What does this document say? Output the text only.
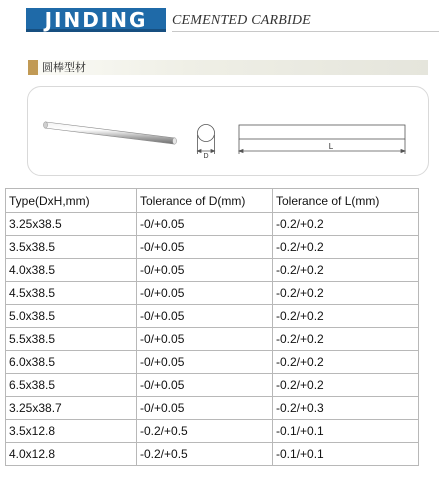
JINDING	CEMENTED CARBIDE
圆棒型材
D
L
Type(DxH,mm)	Tolerance of D(mm)	Tolerance of L(mm)
3.25x38.5	-0/+0.05	-0.2/+0.2
3.5x38.5	-0/+0.05	-0.2/+0.2
4.0x38.5	-0/+0.05	-0.2/+0.2
4.5x38.5	-0/+0.05	-0.2/+0.2
5.0x38.5	-0/+0.05	-0.2/+0.2
5.5x38.5	-0/+0.05	-0.2/+0.2
6.0x38.5	-0/+0.05	-0.2/+0.2
6.5x38.5	-0/+0.05	-0.2/+0.2
3.25x38.7	-0/+0.05	-0.2/+0.3
3.5x12.8	-0.2/+0.5	-0.1/+0.1
4.0x12.8	-0.2/+0.5	-0.1/+0.1
